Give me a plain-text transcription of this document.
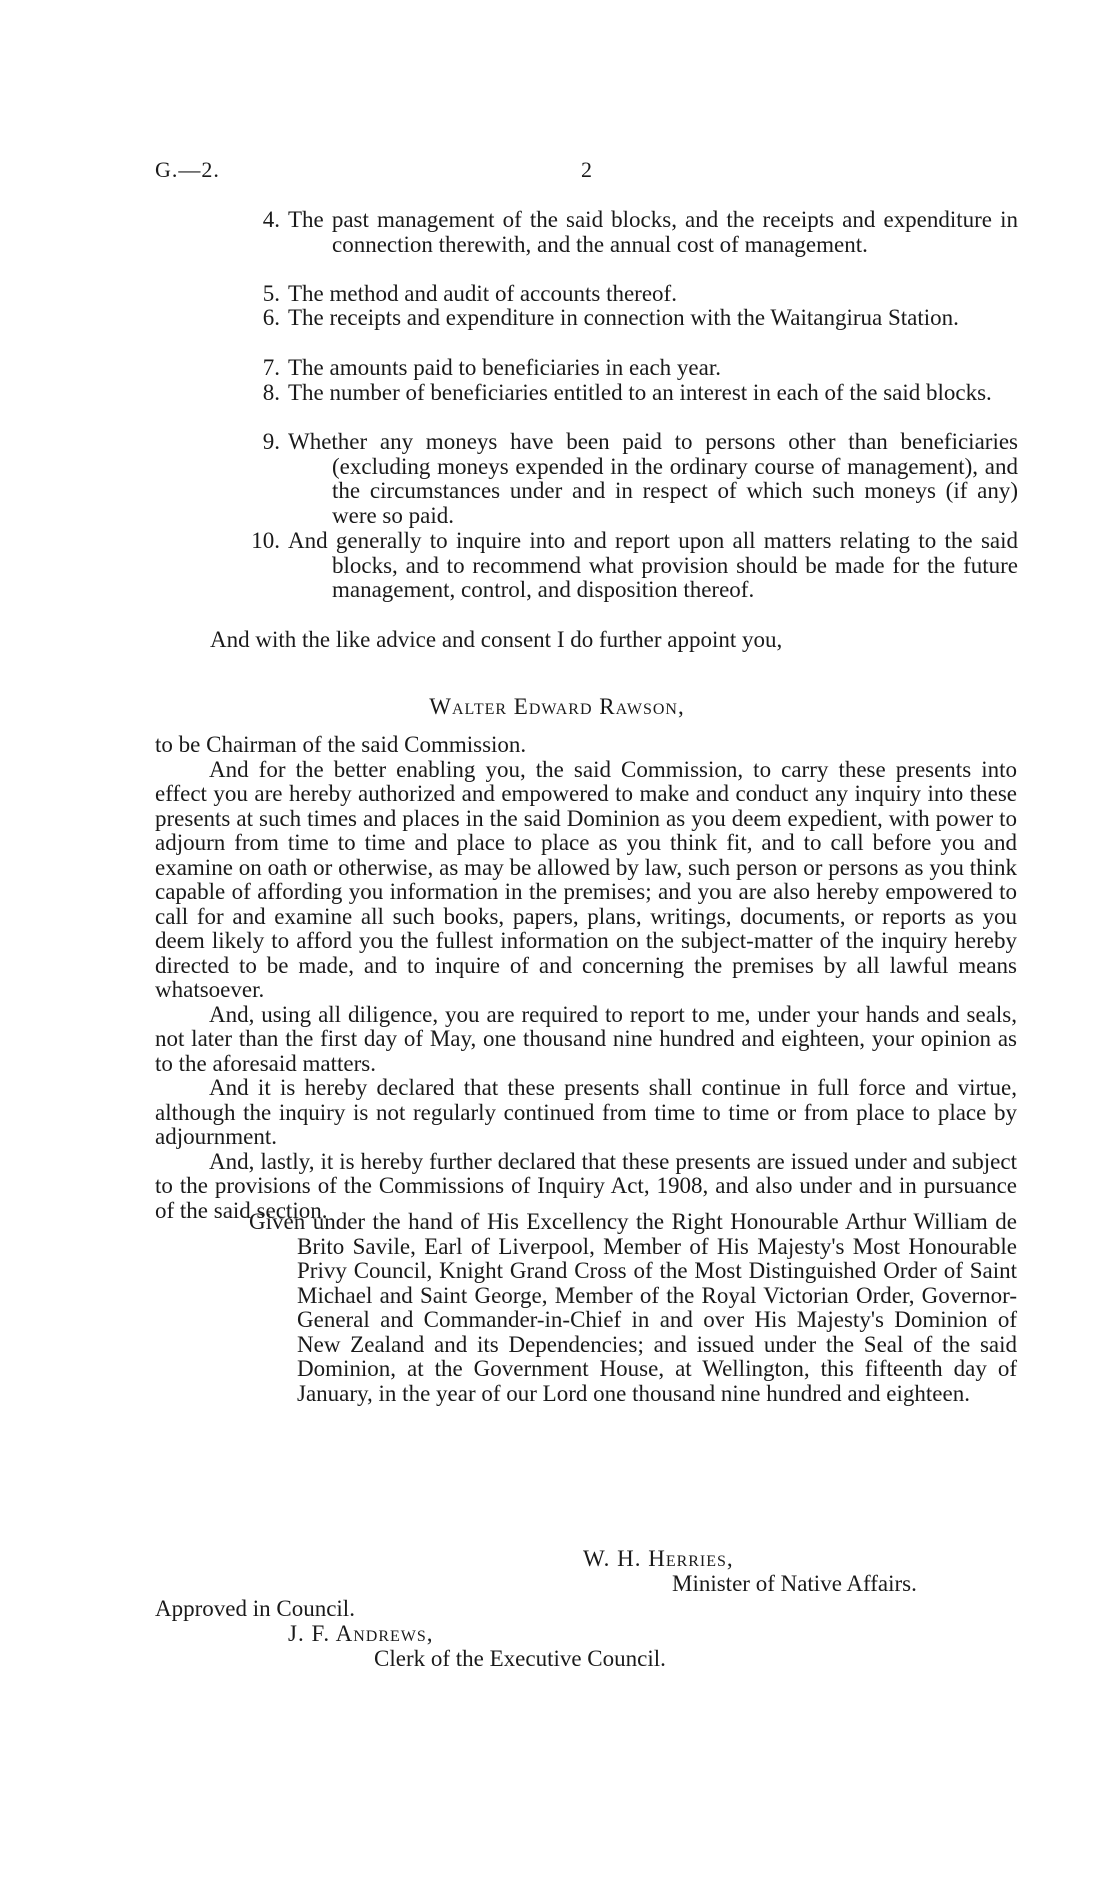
G.—2.	2
4. The past management of the said blocks, and the receipts and expenditure in connection therewith, and the annual cost of management.
5. The method and audit of accounts thereof.
6. The receipts and expenditure in connection with the Waitangirua Station.
7. The amounts paid to beneficiaries in each year.
8. The number of beneficiaries entitled to an interest in each of the said blocks.
9. Whether any moneys have been paid to persons other than beneficiaries (excluding moneys expended in the ordinary course of management), and the circumstances under and in respect of which such moneys (if any) were so paid.
10. And generally to inquire into and report upon all matters relating to the said blocks, and to recommend what provision should be made for the future management, control, and disposition thereof.
Walter Edward Rawson,

to be Chairman of the said Commission.

And for the better enabling you, the said Commission, to carry these presents into effect you are hereby authorized and empowered to make and conduct any inquiry into these presents at such times and places in the said Dominion as you deem expedient, with power to adjourn from time to time and place to place as you think fit, and to call before you and examine on oath or otherwise, as may be allowed by law, such person or persons as you think capable of affording you information in the premises; and you are also hereby empowered to call for and examine all such books, papers, plans, writings, documents, or reports as you deem likely to afford you the fullest information on the subject-matter of the inquiry hereby directed to be made, and to inquire of and concerning the premises by all lawful means whatsoever.

And, using all diligence, you are required to report to me, under your hands and seals, not later than the first day of May, one thousand nine hundred and eighteen, your opinion as to the aforesaid matters.

And it is hereby declared that these presents shall continue in full force and virtue, although the inquiry is not regularly continued from time to time or from place to place by adjournment.

And, lastly, it is hereby further declared that these presents are issued under and subject to the provisions of the Commissions of Inquiry Act, 1908, and also under and in pursuance of the said section.

Given under the hand of His Excellency the Right Honourable Arthur William de Brito Savile, Earl of Liverpool, Member of His Majesty's Most Honourable Privy Council, Knight Grand Cross of the Most Distinguished Order of Saint Michael and Saint George, Member of the Royal Victorian Order, Governor-General and Commander-in-Chief in and over His Majesty's Dominion of New Zealand and its Dependencies; and issued under the Seal of the said Dominion, at the Government House, at Wellington, this fifteenth day of January, in the year of our Lord one thousand nine hundred and eighteen.

W. H. Herries,
Minister of Native Affairs.
Approved in Council.
J. F. Andrews,
Clerk of the Executive Council.
And with the like advice and consent I do further appoint you,
